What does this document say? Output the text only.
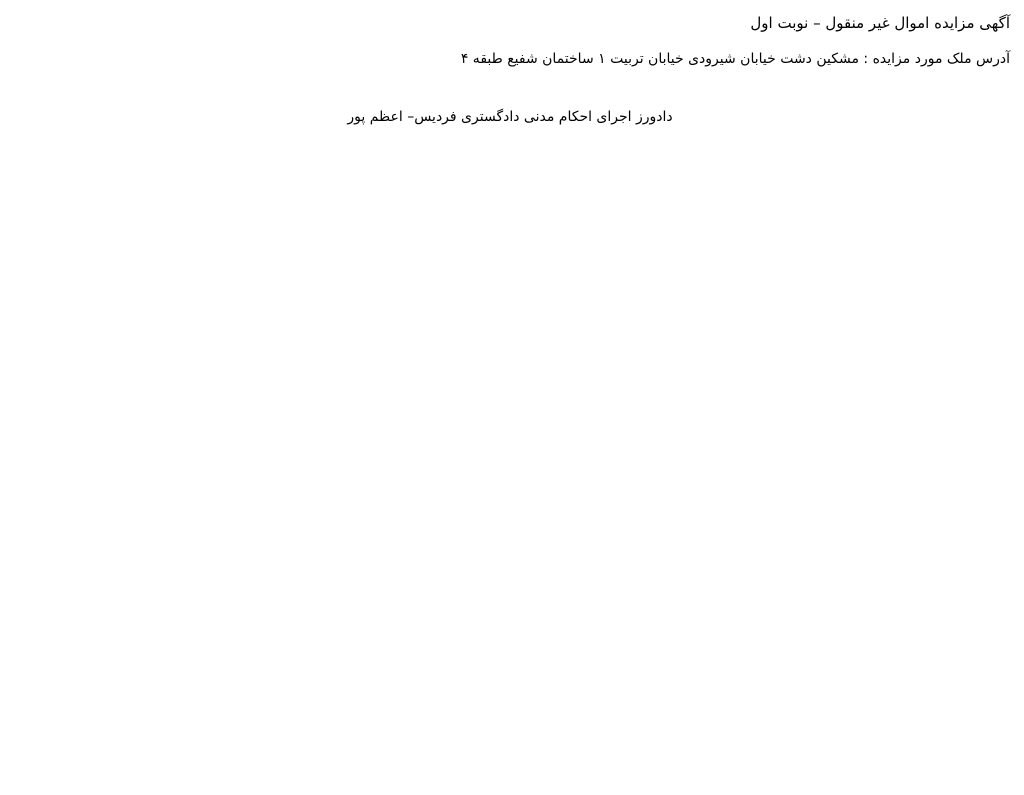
آگهی مزایده اموال غیر منقول – نوبت اول

آدرس ملک مورد مزایده : مشکین دشت خیابان شیرودی خیابان تربیت ۱ ساختمان شفیع طبقه ۴

دادورز اجرای احکام مدنی دادگستری فردیس– اعظم پور
